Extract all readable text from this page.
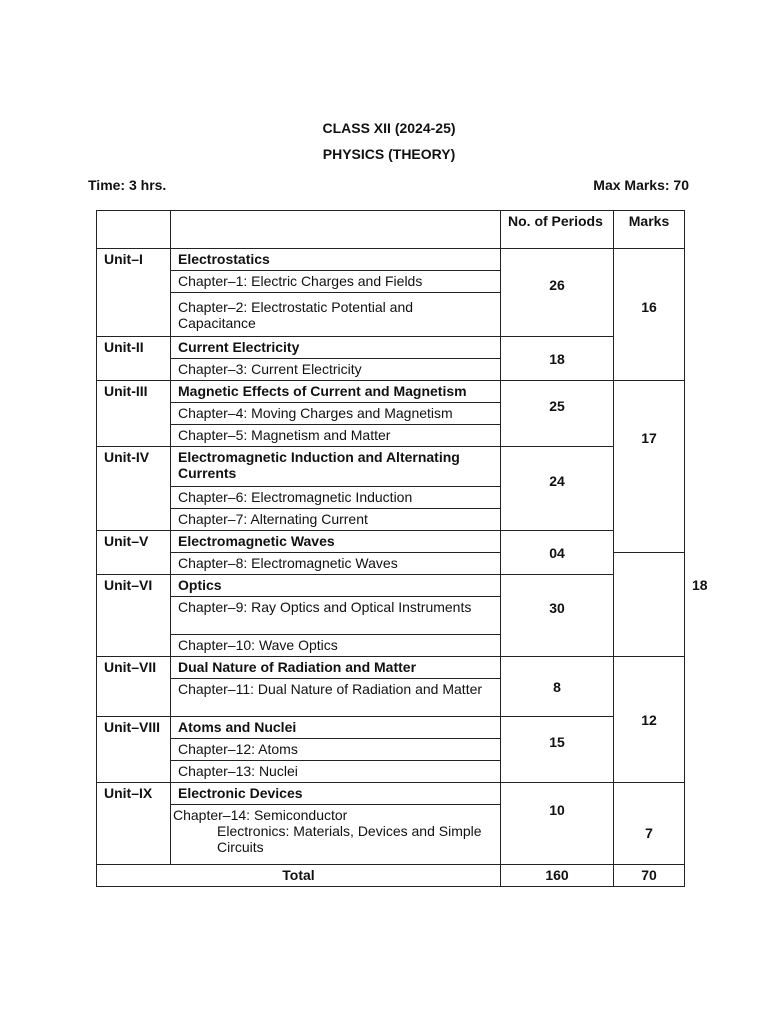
CLASS XII (2024-25)
PHYSICS (THEORY)
Time: 3 hrs.	Max Marks: 70
		No. of Periods	Marks	
Unit–I	Electrostatics	26	16	
	Chapter–1: Electric Charges and Fields			
	Chapter–2: Electrostatic Potential and Capacitance			
Unit-II	Current Electricity	18		
	Chapter–3: Current Electricity			
Unit-III	Magnetic Effects of Current and Magnetism	25	17	
	Chapter–4: Moving Charges and Magnetism			
	Chapter–5: Magnetism and Matter			
Unit-IV	Electromagnetic Induction and Alternating Currents	24		
	Chapter–6: Electromagnetic Induction			
	Chapter–7: Alternating Current			
Unit–V	Electromagnetic Waves	04		18
	Chapter–8: Electromagnetic Waves			
Unit–VI	Optics	30		
	Chapter–9: Ray Optics and Optical Instruments			
	Chapter–10: Wave Optics			
Unit–VII	Dual Nature of Radiation and Matter	8	12	
	Chapter–11: Dual Nature of Radiation and Matter			
Unit–VIII	Atoms and Nuclei	15		
	Chapter–12: Atoms			
	Chapter–13: Nuclei			
Unit–IX	Electronic Devices	10	7	
	Chapter–14: Semiconductor
Electronics: Materials, Devices and Simple Circuits			

Total		160	70	
